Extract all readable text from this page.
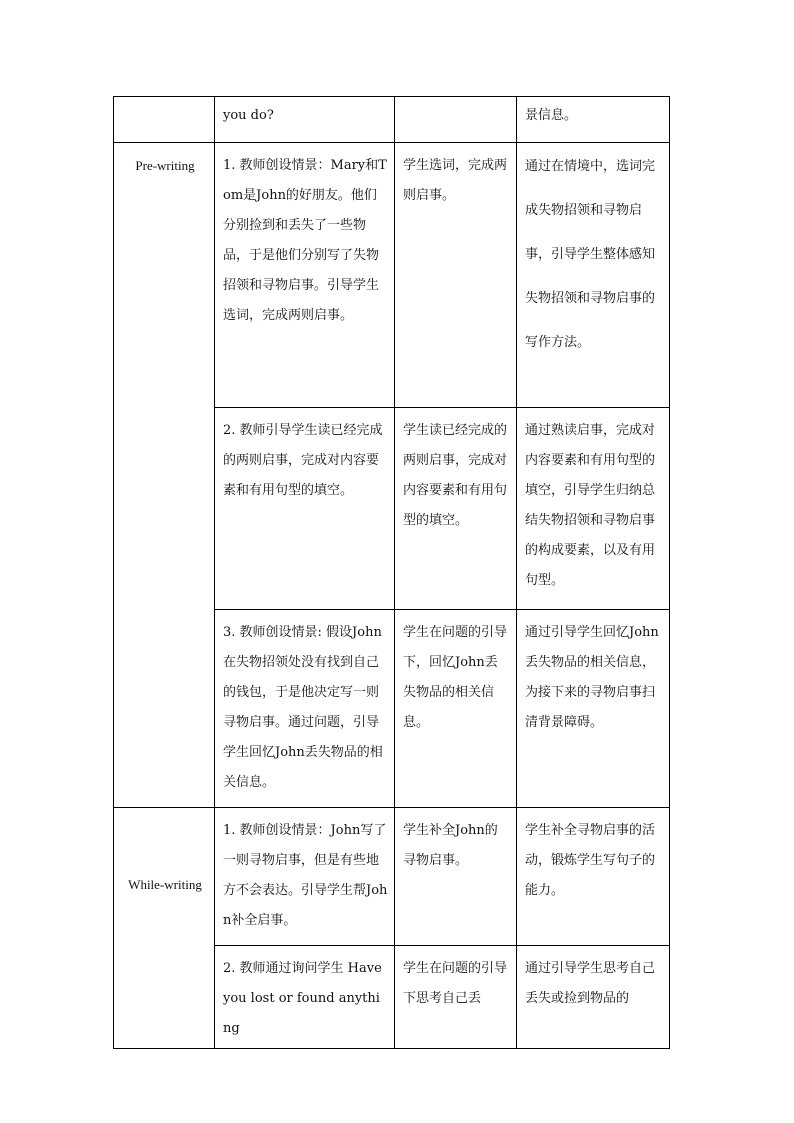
	you do?		景信息。
Pre-writing	1. 教师创设情景：Mary和Tom是John的好朋友。他们分别捡到和丢失了一些物品，于是他们分别写了失物招领和寻物启事。引导学生选词，完成两则启事。	学生选词，完成两则启事。	通过在情境中，选词完成失物招领和寻物启事，引导学生整体感知失物招领和寻物启事的写作方法。
	2. 教师引导学生读已经完成的两则启事，完成对内容要素和有用句型的填空。	学生读已经完成的两则启事，完成对内容要素和有用句型的填空。	通过熟读启事，完成对内容要素和有用句型的填空，引导学生归纳总结失物招领和寻物启事的构成要素，以及有用句型。
	3. 教师创设情景: 假设John在失物招领处没有找到自己的钱包，于是他决定写一则寻物启事。通过问题，引导学生回忆John丢失物品的相关信息。	学生在问题的引导下，回忆John丢失物品的相关信息。	通过引导学生回忆John丢失物品的相关信息，为接下来的寻物启事扫清背景障碍。
While-writing	1. 教师创设情景：John写了一则寻物启事，但是有些地方不会表达。引导学生帮John补全启事。	学生补全John的寻物启事。	学生补全寻物启事的活动，锻炼学生写句子的能力。
	2. 教师通过询问学生 Have you lost or found anything	学生在问题的引导下思考自己丢	通过引导学生思考自己丢失或捡到物品的
